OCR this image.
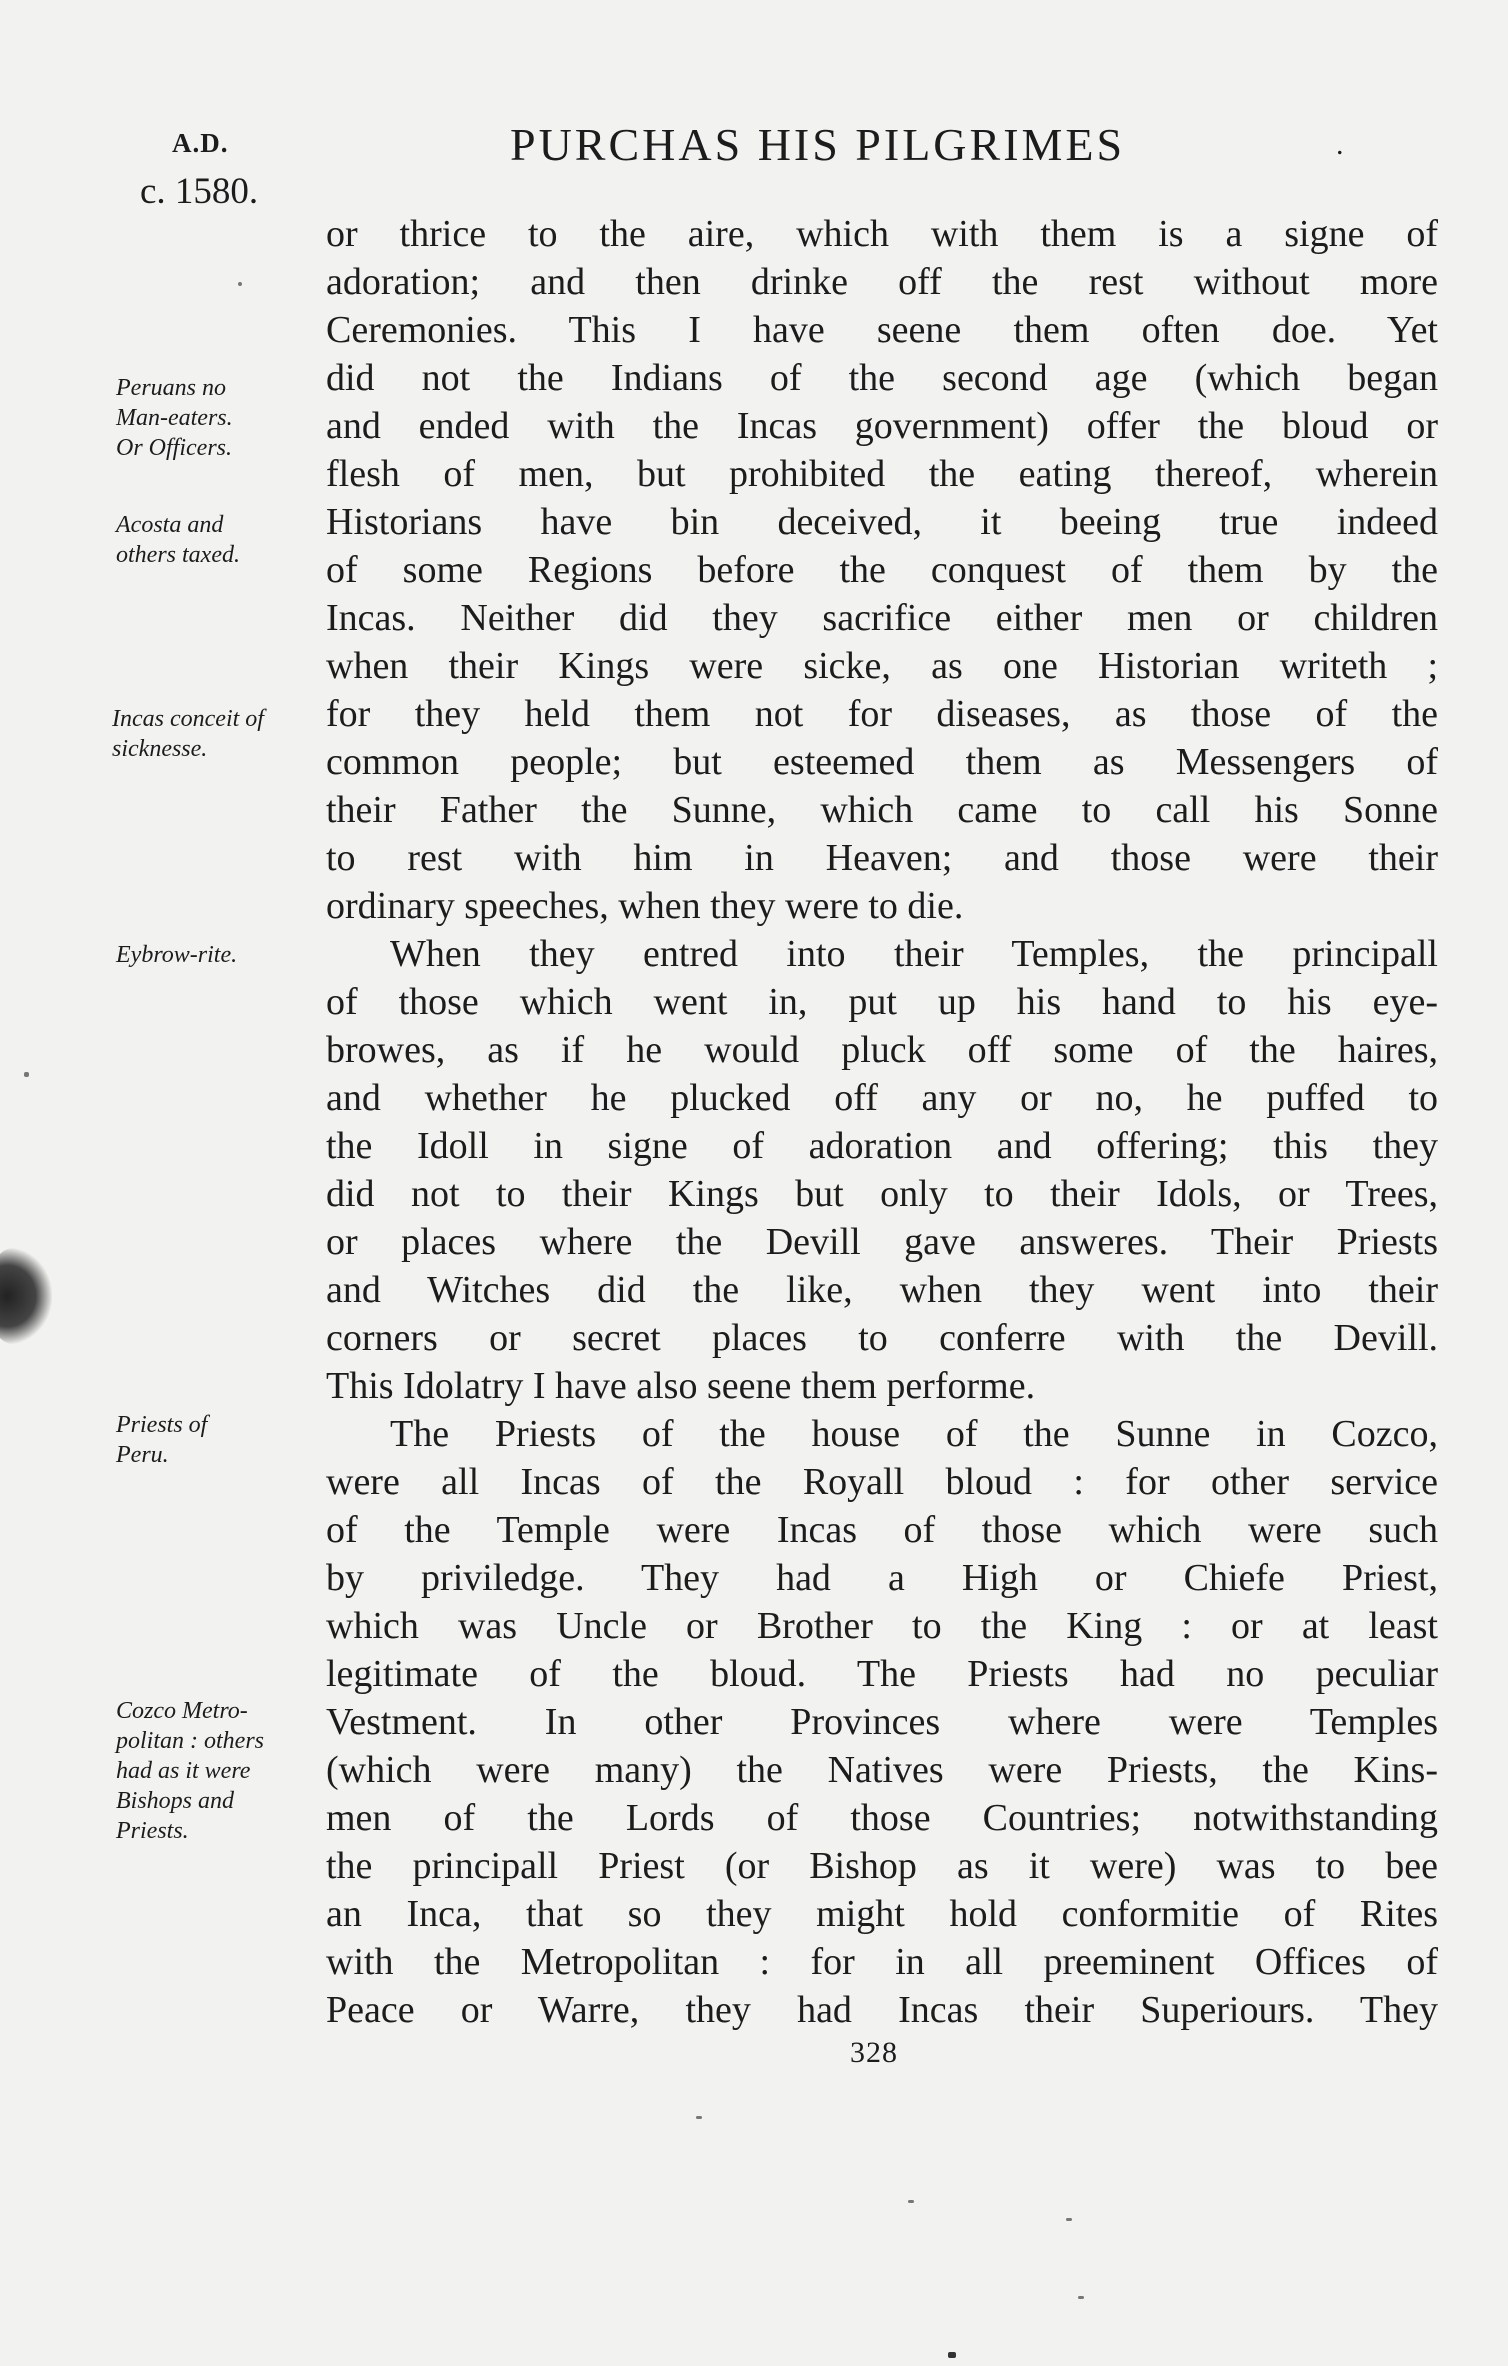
A.D.	PURCHAS HIS PILGRIMES	.
c. 1580.
Peruans no
Man-eaters.
Or Officers.
Acosta and
others taxed.
Incas conceit of
sicknesse.
Eybrow-rite.
Priests of
Peru.
Cozco Metro-
politan : others
had as it were
Bishops and
Priests.
or thrice to the aire, which with them is a signe of
adoration; and then drinke off the rest without more
Ceremonies. This I have seene them often doe. Yet
did not the Indians of the second age (which began
and ended with the Incas government) offer the bloud or
flesh of men, but prohibited the eating thereof, wherein
Historians have bin deceived, it beeing true indeed
of some Regions before the conquest of them by the
Incas. Neither did they sacrifice either men or children
when their Kings were sicke, as one Historian writeth ;
for they held them not for diseases, as those of the
common people; but esteemed them as Messengers of
their Father the Sunne, which came to call his Sonne
to rest with him in Heaven; and those were their
ordinary speeches, when they were to die.
When they entred into their Temples, the principall
of those which went in, put up his hand to his eye-
browes, as if he would pluck off some of the haires,
and whether he plucked off any or no, he puffed to
the Idoll in signe of adoration and offering; this they
did not to their Kings but only to their Idols, or Trees,
or places where the Devill gave answeres. Their Priests
and Witches did the like, when they went into their
corners or secret places to conferre with the Devill.
This Idolatry I have also seene them performe.
The Priests of the house of the Sunne in Cozco,
were all Incas of the Royall bloud : for other service
of the Temple were Incas of those which were such
by priviledge. They had a High or Chiefe Priest,
which was Uncle or Brother to the King : or at least
legitimate of the bloud. The Priests had no peculiar
Vestment. In other Provinces where were Temples
(which were many) the Natives were Priests, the Kins-
men of the Lords of those Countries; notwithstanding
the principall Priest (or Bishop as it were) was to bee
an Inca, that so they might hold conformitie of Rites
with the Metropolitan : for in all preeminent Offices of
Peace or Warre, they had Incas their Superiours. They
328
